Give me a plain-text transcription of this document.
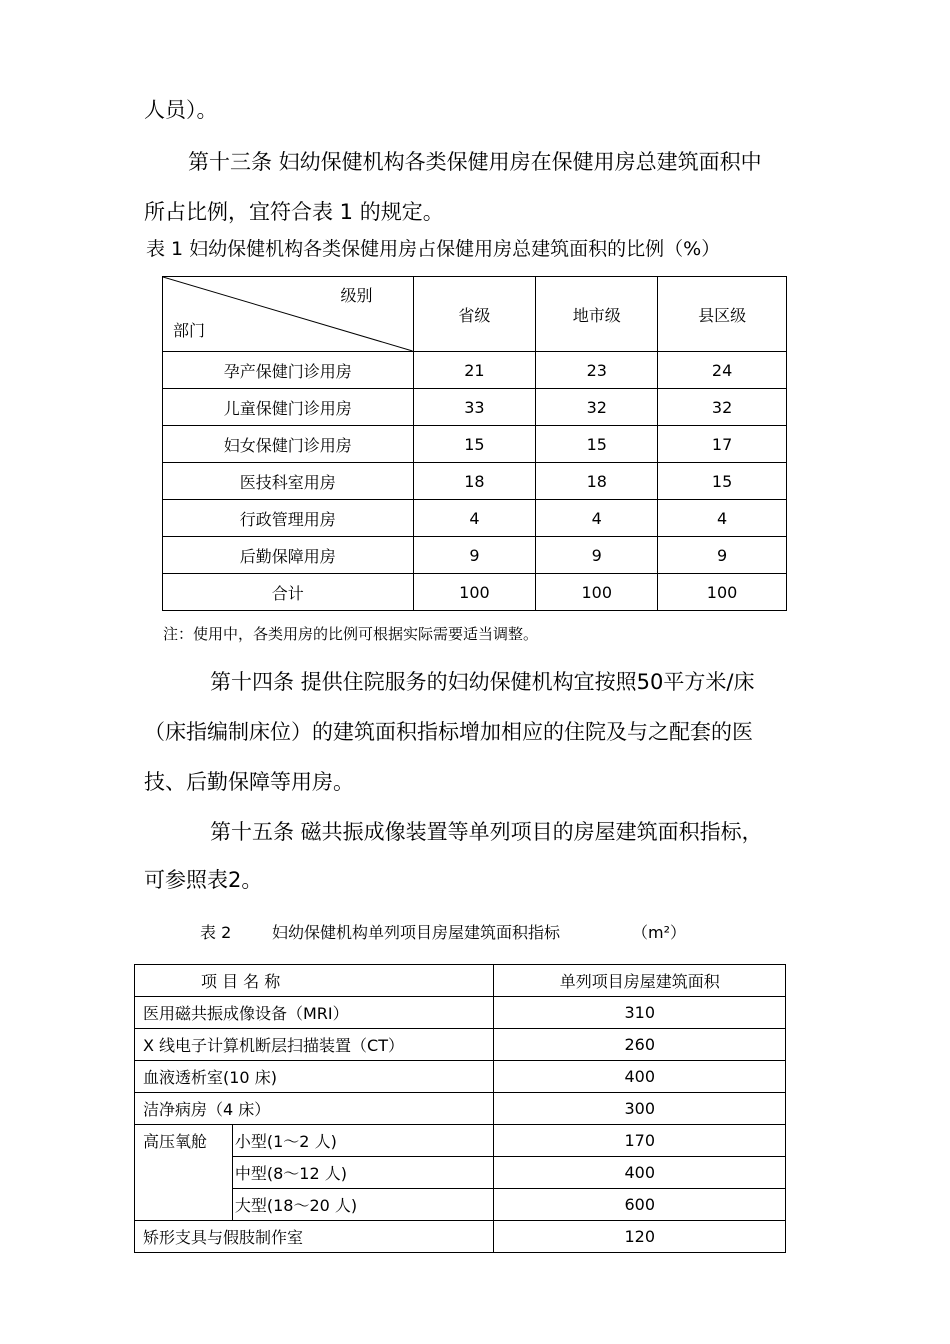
人员）。
第十三条 妇幼保健机构各类保健用房在保健用房总建筑面积中
所占比例，宜符合表 1 的规定。
表 1 妇幼保健机构各类保健用房占保健用房总建筑面积的比例（%）
级别
部门	省级	地市级	县区级
孕产保健门诊用房	21	23	24
儿童保健门诊用房	33	32	32
妇女保健门诊用房	15	15	17
医技科室用房	18	18	15
行政管理用房	4	4	4
后勤保障用房	9	9	9
合计	100	100	100
注：使用中，各类用房的比例可根据实际需要适当调整。
第十四条 提供住院服务的妇幼保健机构宜按照50平方米/床
（床指编制床位）的建筑面积指标增加相应的住院及与之配套的医
技、后勤保障等用房。
第十五条 磁共振成像装置等单列项目的房屋建筑面积指标，
可参照表2。
表 2	妇幼保健机构单列项目房屋建筑面积指标	（m²）
项 目 名 称		单列项目房屋建筑面积
医用磁共振成像设备（MRI）		310
X 线电子计算机断层扫描装置（CT）		260
血液透析室(10 床)		400
洁净病房（4 床）		300
高压氧舱	小型(1～2 人)	170
	中型(8～12 人)	400
	大型(18～20 人)	600
矫形支具与假肢制作室		120
